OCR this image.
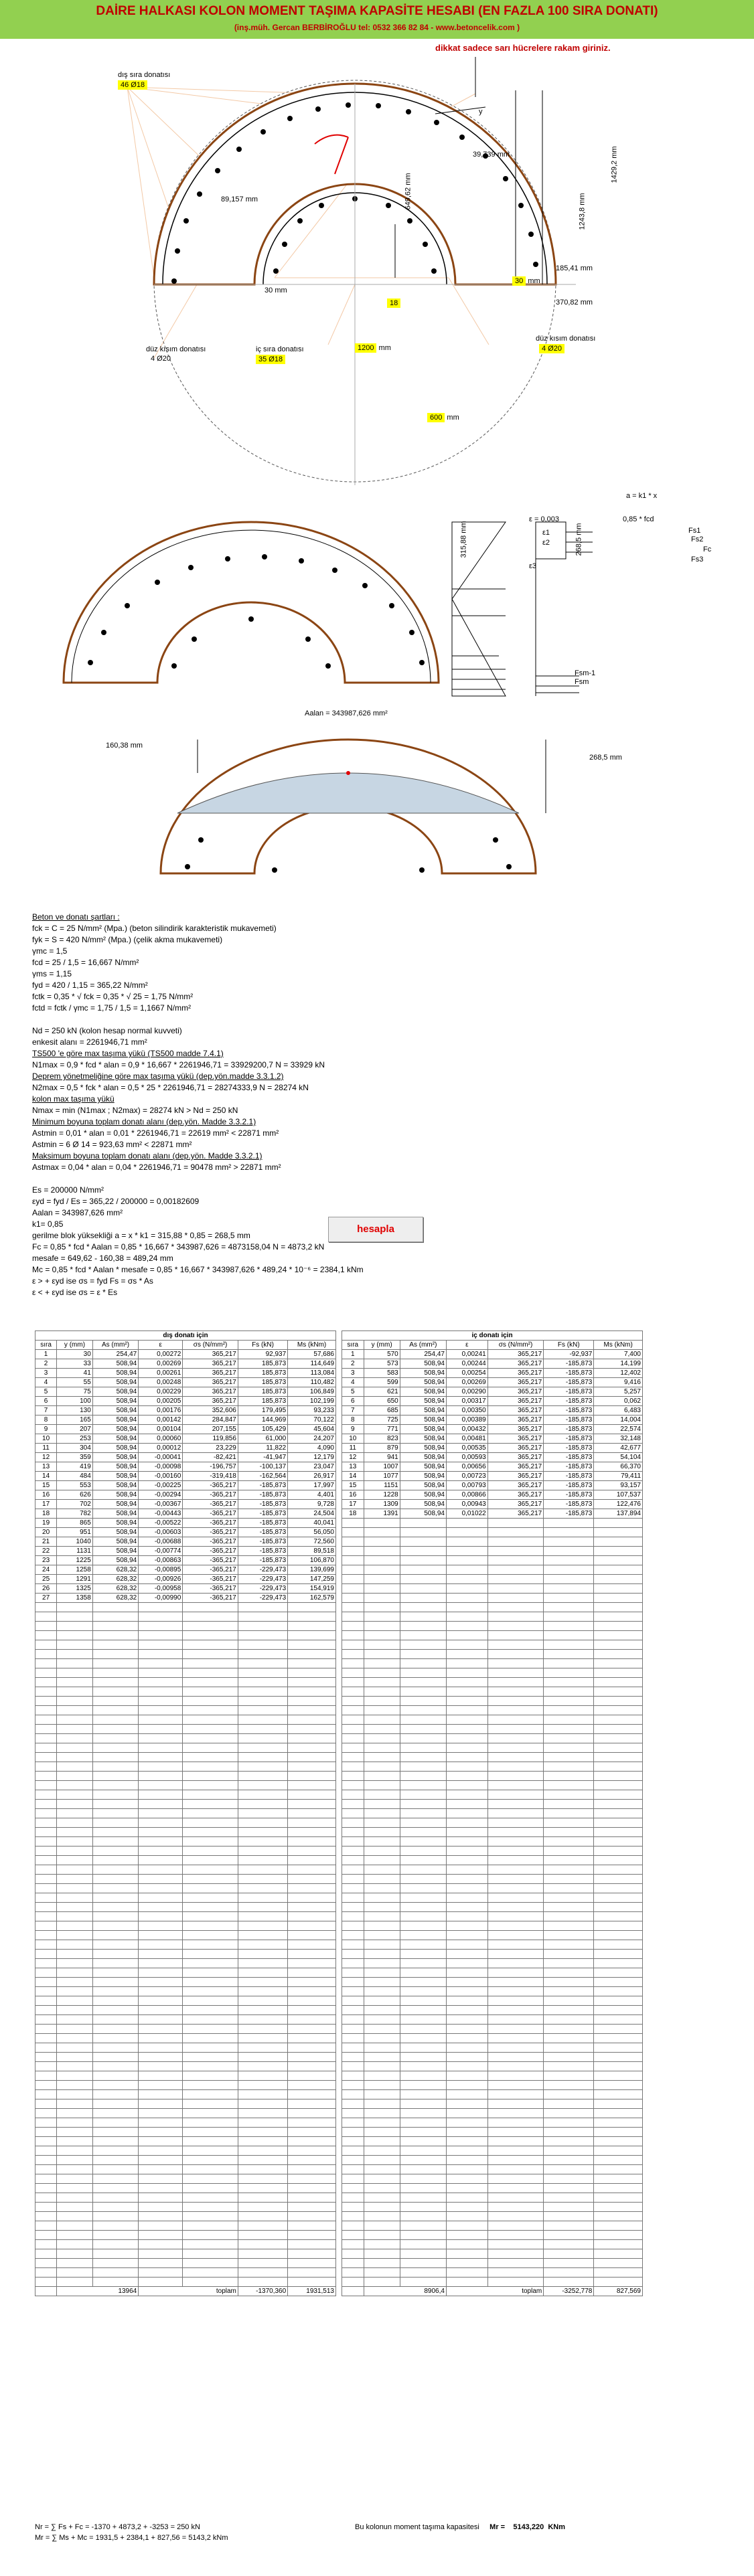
DAİRE HALKASI KOLON MOMENT TAŞIMA KAPASİTE HESABI (EN FAZLA 100 SIRA DONATI)
(inş.müh. Gercan BERBİROĞLU tel: 0532 366 82 84 - www.betoncelik.com )
dikkat sadece sarı hücrelere rakam giriniz.
y
dış sıra donatısı
46 Ø18
39,739 mm
89,157 mm	649,62 mm
1243,8 mm
1429,2 mm
30 mm
30 mm
18
185,41 mm
370,82 mm
düz kısım donatısı
4 Ø20
iç sıra donatısı
35 Ø18
1200 mm
düz kısım donatısı
4 Ø20
600 mm
a = k1 * x
0,85 * fcd
ε = 0,003
ε1
ε2
ε3
315,88 mm
268,5 mm	Fs1
Fs2
Fc
Fs3
Fsm-1
Fsm
Aalan = 343987,626 mm²
160,38 mm
268,5 mm
Beton ve donatı şartları :
fck = C = 25 N/mm² (Mpa.) (beton silindirik karakteristik mukavemeti)
fyk = S = 420 N/mm² (Mpa.) (çelik akma mukavemeti)
γmc = 1,5
fcd = 25 / 1,5 = 16,667 N/mm²
γms = 1,15
fyd = 420 / 1,15 = 365,22 N/mm²
fctk = 0,35 * √ fck = 0,35 * √ 25 = 1,75 N/mm²
fctd = fctk / γmc = 1,75 / 1,5 = 1,1667 N/mm²
Nd = 250 kN (kolon hesap normal kuvveti)
enkesit alanı = 2261946,71 mm²
TS500 'e göre max taşıma yükü (TS500 madde 7.4.1)
N1max = 0,9 * fcd * alan = 0,9 * 16,667 * 2261946,71 = 33929200,7 N = 33929 kN
Deprem yönetmeliğine göre max taşıma yükü (dep.yön.madde 3.3.1.2)
N2max = 0,5 * fck * alan = 0,5 * 25 * 2261946,71 = 28274333,9 N = 28274 kN
kolon max taşıma yükü
Nmax = min (N1max ; N2max) = 28274 kN > Nd = 250 kN
Minimum boyuna toplam donatı alanı (dep.yön. Madde 3.3.2.1)
Astmin = 0,01 * alan = 0,01 * 2261946,71 = 22619 mm² < 22871 mm²
Astmin = 6 Ø 14 = 923,63 mm² < 22871 mm²
Maksimum boyuna toplam donatı alanı (dep.yön. Madde 3.3.2.1)
Astmax = 0,04 * alan = 0,04 * 2261946,71 = 90478 mm² > 22871 mm²
Es = 200000 N/mm²
εyd = fyd / Es = 365,22 / 200000 = 0,00182609
Aalan = 343987,626 mm²
k1= 0,85
gerilme blok yüksekliği a = x * k1 = 315,88 * 0,85 = 268,5 mm
Fc = 0,85 * fcd * Aalan = 0,85 * 16,667 * 343987,626 = 4873158,04 N = 4873,2 kN
mesafe = 649,62 - 160,38 = 489,24 mm
Mc = 0,85 * fcd * Aalan * mesafe = 0,85 * 16,667 * 343987,626 * 489,24 * 10⁻⁶ = 2384,1 kNm
ε > + εyd ise σs = fyd Fs = σs * As
ε < + εyd ise σs = ε * Es
hesapla
dış donatı için						
sıra	y (mm)	As (mm²)	ε	σs (N/mm²)	Fs (kN)	Ms (kNm)
1	30	254,47	0,00272	365,217	92,937	57,686
2	33	508,94	0,00269	365,217	185,873	114,649
3	41	508,94	0,00261	365,217	185,873	113,084
4	55	508,94	0,00248	365,217	185,873	110,482
5	75	508,94	0,00229	365,217	185,873	106,849
6	100	508,94	0,00205	365,217	185,873	102,199
7	130	508,94	0,00176	352,606	179,495	93,233
8	165	508,94	0,00142	284,847	144,969	70,122
9	207	508,94	0,00104	207,155	105,429	45,604
10	253	508,94	0,00060	119,856	61,000	24,207
11	304	508,94	0,00012	23,229	11,822	4,090
12	359	508,94	-0,00041	-82,421	-41,947	12,179
13	419	508,94	-0,00098	-196,757	-100,137	23,047
14	484	508,94	-0,00160	-319,418	-162,564	26,917
15	553	508,94	-0,00225	-365,217	-185,873	17,997
16	626	508,94	-0,00294	-365,217	-185,873	4,401
17	702	508,94	-0,00367	-365,217	-185,873	9,728
18	782	508,94	-0,00443	-365,217	-185,873	24,504
19	865	508,94	-0,00522	-365,217	-185,873	40,041
20	951	508,94	-0,00603	-365,217	-185,873	56,050
21	1040	508,94	-0,00688	-365,217	-185,873	72,560
22	1131	508,94	-0,00774	-365,217	-185,873	89,518
23	1225	508,94	-0,00863	-365,217	-185,873	106,870
24	1258	628,32	-0,00895	-365,217	-229,473	139,699
25	1291	628,32	-0,00926	-365,217	-229,473	147,259
26	1325	628,32	-0,00958	-365,217	-229,473	154,919
27	1358	628,32	-0,00990	-365,217	-229,473	162,579

	13964		toplam		-1370,360	1931,513
iç donatı için						
sıra	y (mm)	As (mm²)	ε	σs (N/mm²)	Fs (kN)	Ms (kNm)
1	570	254,47	0,00241	365,217	-92,937	7,400
2	573	508,94	0,00244	365,217	-185,873	14,199
3	583	508,94	0,00254	365,217	-185,873	12,402
4	599	508,94	0,00269	365,217	-185,873	9,416
5	621	508,94	0,00290	365,217	-185,873	5,257
6	650	508,94	0,00317	365,217	-185,873	0,062
7	685	508,94	0,00350	365,217	-185,873	6,483
8	725	508,94	0,00389	365,217	-185,873	14,004
9	771	508,94	0,00432	365,217	-185,873	22,574
10	823	508,94	0,00481	365,217	-185,873	32,148
11	879	508,94	0,00535	365,217	-185,873	42,677
12	941	508,94	0,00593	365,217	-185,873	54,104
13	1007	508,94	0,00656	365,217	-185,873	66,370
14	1077	508,94	0,00723	365,217	-185,873	79,411
15	1151	508,94	0,00793	365,217	-185,873	93,157
16	1228	508,94	0,00866	365,217	-185,873	107,537
17	1309	508,94	0,00943	365,217	-185,873	122,476
18	1391	508,94	0,01022	365,217	-185,873	137,894

	8906,4		toplam		-3252,778	827,569
Nr = ∑ Fs + Fc = -1370 + 4873,2 + -3253 = 250 kN
Mr = ∑ Ms + Mc = 1931,5 + 2384,1 + 827,56 = 5143,2 kNm
Bu kolonun moment taşıma kapasitesi Mr = 5143,220 KNm
